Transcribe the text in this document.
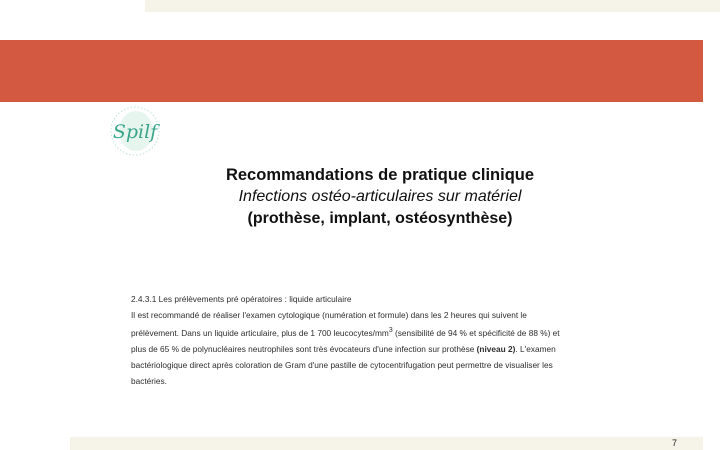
Spilf

Recommandations de pratique clinique

Infections ostéo-articulaires sur matériel

(prothèse, implant, ostéosynthèse)

2.4.3.1 Les prélèvements pré opératoires : liquide articulaire

Il est recommandé de réaliser l'examen cytologique (numération et formule) dans les 2 heures qui suivent le prélèvement. Dans un liquide articulaire, plus de 1 700 leucocytes/$mm^3$ (sensibilité de 94 % et spécificité de 88 %) et plus de 65 % de polynucléaires neutrophiles sont très évocateurs d'une infection sur prothèse (niveau 2). L'examen bactériologique direct après coloration de Gram d'une pastille de cytocentrifugation peut permettre de visualiser les bactéries.

7
